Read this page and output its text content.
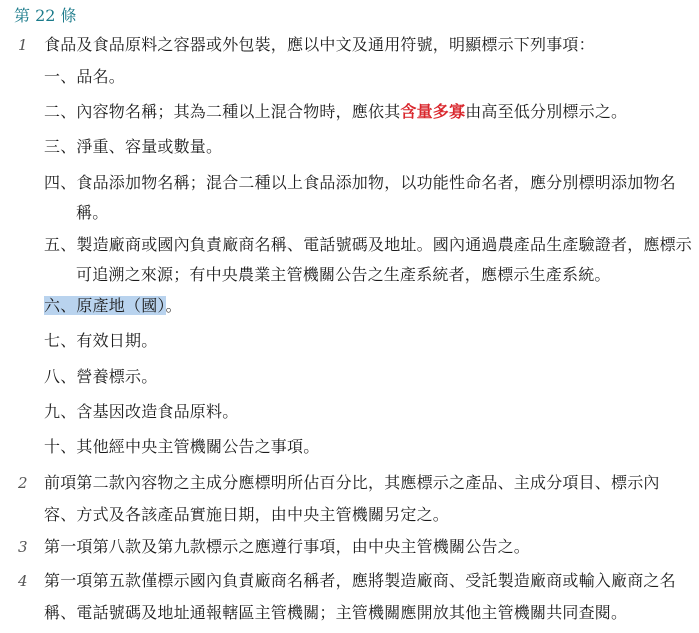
第 22 條
1 食品及食品原料之容器或外包裝，應以中文及通用符號，明顯標示下列事項：
一、品名。
二、內容物名稱；其為二種以上混合物時，應依其含量多寡由高至低分別標示之。
三、淨重、容量或數量。
四、食品添加物名稱；混合二種以上食品添加物，以功能性命名者，應分別標明添加物名
稱。
五、製造廠商或國內負責廠商名稱、電話號碼及地址。國內通過農產品生產驗證者，應標示
可追溯之來源；有中央農業主管機關公告之生產系統者，應標示生產系統。
六、原產地（國）。
七、有效日期。
八、營養標示。
九、含基因改造食品原料。
十、其他經中央主管機關公告之事項。
2 前項第二款內容物之主成分應標明所佔百分比，其應標示之產品、主成分項目、標示內容、方式及各該產品實施日期，由中央主管機關另定之。
3 第一項第八款及第九款標示之應遵行事項，由中央主管機關公告之。
4 第一項第五款僅標示國內負責廠商名稱者，應將製造廠商、受託製造廠商或輸入廠商之名稱、電話號碼及地址通報轄區主管機關；主管機關應開放其他主管機關共同查閱。
